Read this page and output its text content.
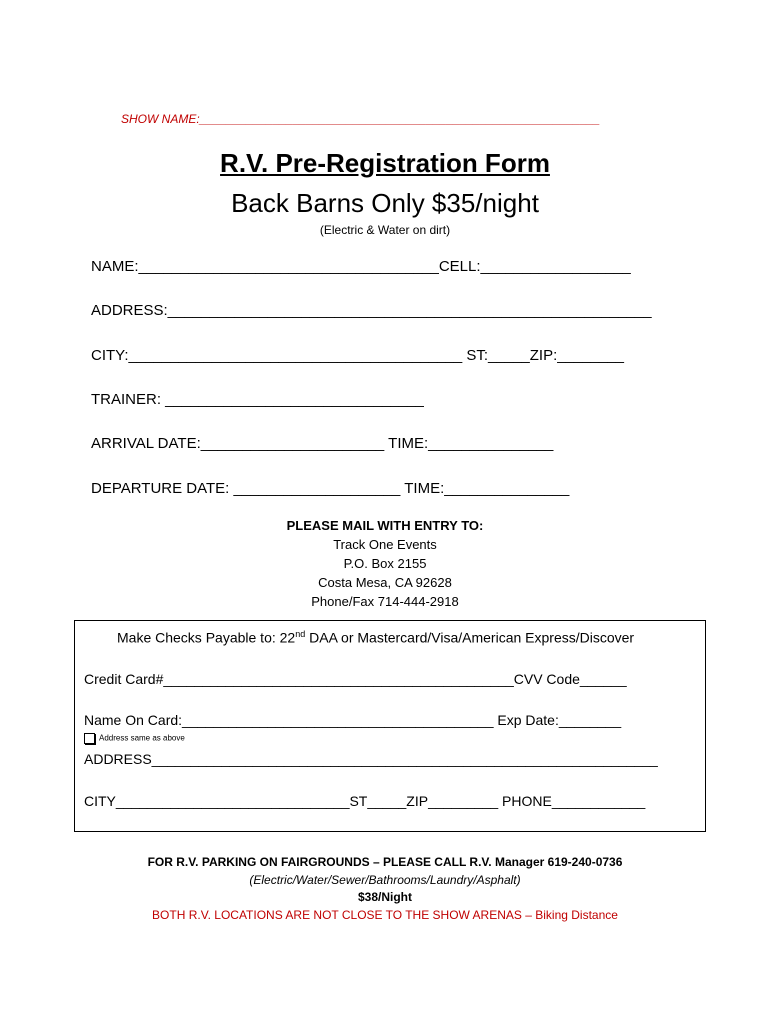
SHOW NAME:____________________________________________________________
R.V. Pre-Registration Form
Back Barns Only $35/night
(Electric & Water on dirt)
NAME:____________________________________CELL:__________________
ADDRESS:__________________________________________________________
CITY:________________________________________ ST:_____ZIP:________
TRAINER: _______________________________
ARRIVAL DATE:______________________ TIME:_______________
DEPARTURE DATE: ____________________ TIME:_______________
PLEASE MAIL WITH ENTRY TO:
Track One Events
P.O. Box 2155
Costa Mesa, CA 92628
Phone/Fax 714-444-2918
Make Checks Payable to: 22nd DAA or Mastercard/Visa/American Express/Discover
Credit Card#_____________________________________________CVV Code______
Name On Card:________________________________________ Exp Date:________
Address same as above
ADDRESS_________________________________________________________________
CITY______________________________ST_____ZIP_________ PHONE____________
FOR R.V. PARKING ON FAIRGROUNDS – PLEASE CALL R.V. Manager 619-240-0736
(Electric/Water/Sewer/Bathrooms/Laundry/Asphalt)
$38/Night
BOTH R.V. LOCATIONS ARE NOT CLOSE TO THE SHOW ARENAS – Biking Distance
